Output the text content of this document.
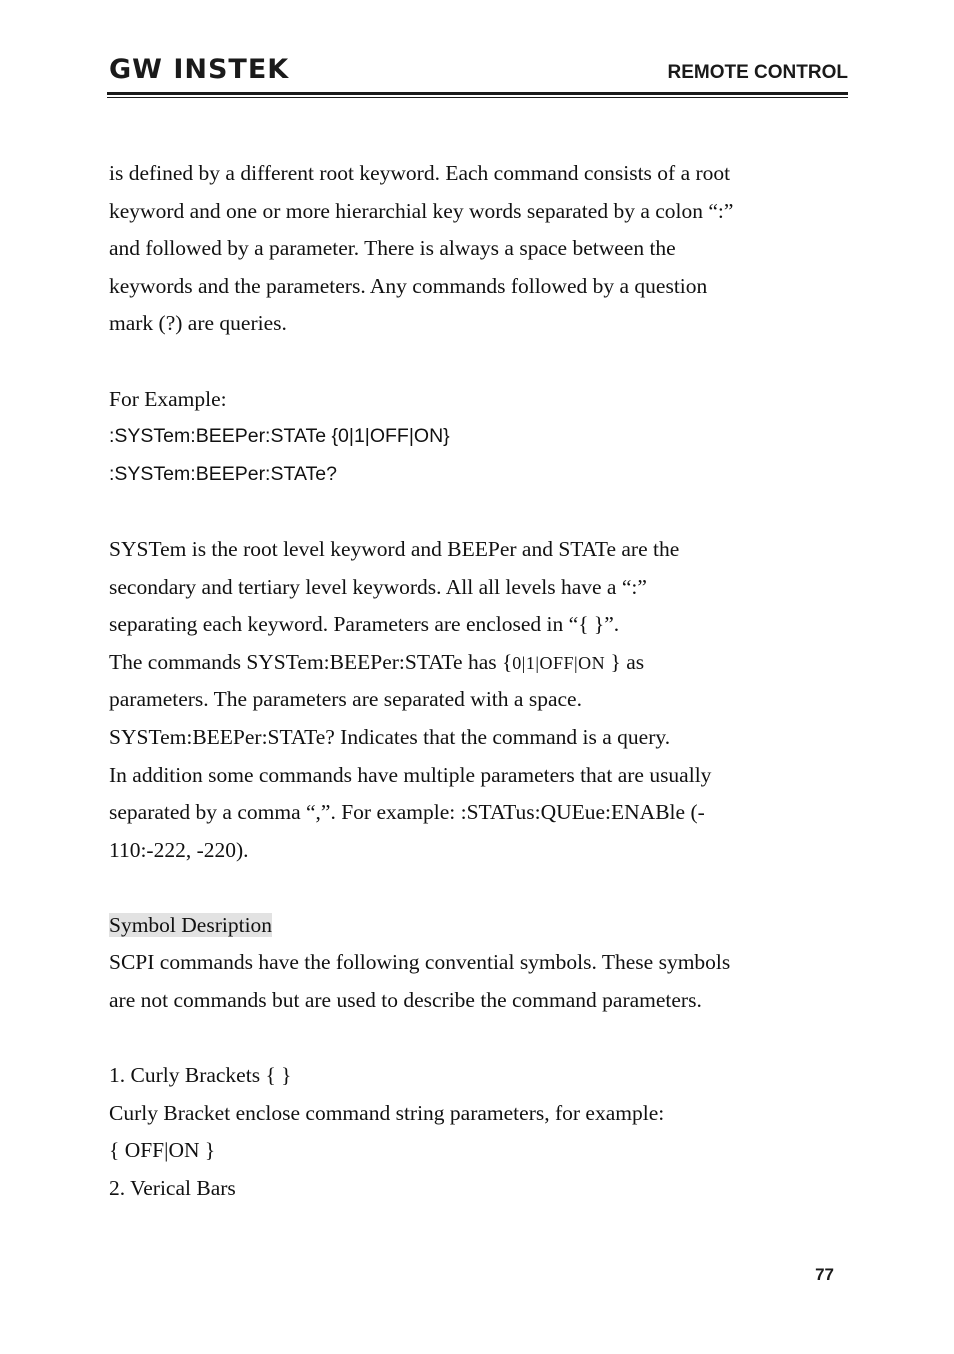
GW INSTEK	REMOTE CONTROL
is defined by a different root keyword. Each command consists of a root
keyword and one or more hierarchial key words separated by a colon “:”
and followed by a parameter. There is always a space between the
keywords and the parameters. Any commands followed by a question
mark (?) are queries.
For Example:
:SYSTem:BEEPer:STATe {0|1|OFF|ON}
:SYSTem:BEEPer:STATe?
SYSTem is the root level keyword and BEEPer and STATe are the
secondary and tertiary level keywords. All all levels have a “:”
separating each keyword. Parameters are enclosed in “{ }”.
The commands SYSTem:BEEPer:STATe has {0|1|OFF|ON } as
parameters. The parameters are separated with a space.
SYSTem:BEEPer:STATe? Indicates that the command is a query.
In addition some commands have multiple parameters that are usually
separated by a comma “,”. For example: :STATus:QUEue:ENABle (-
110:-222, -220).
Symbol Desription
SCPI commands have the following convential symbols. These symbols
are not commands but are used to describe the command parameters.
1. Curly Brackets { }
Curly Bracket enclose command string parameters, for example:
{ OFF|ON }
2. Verical Bars
77
